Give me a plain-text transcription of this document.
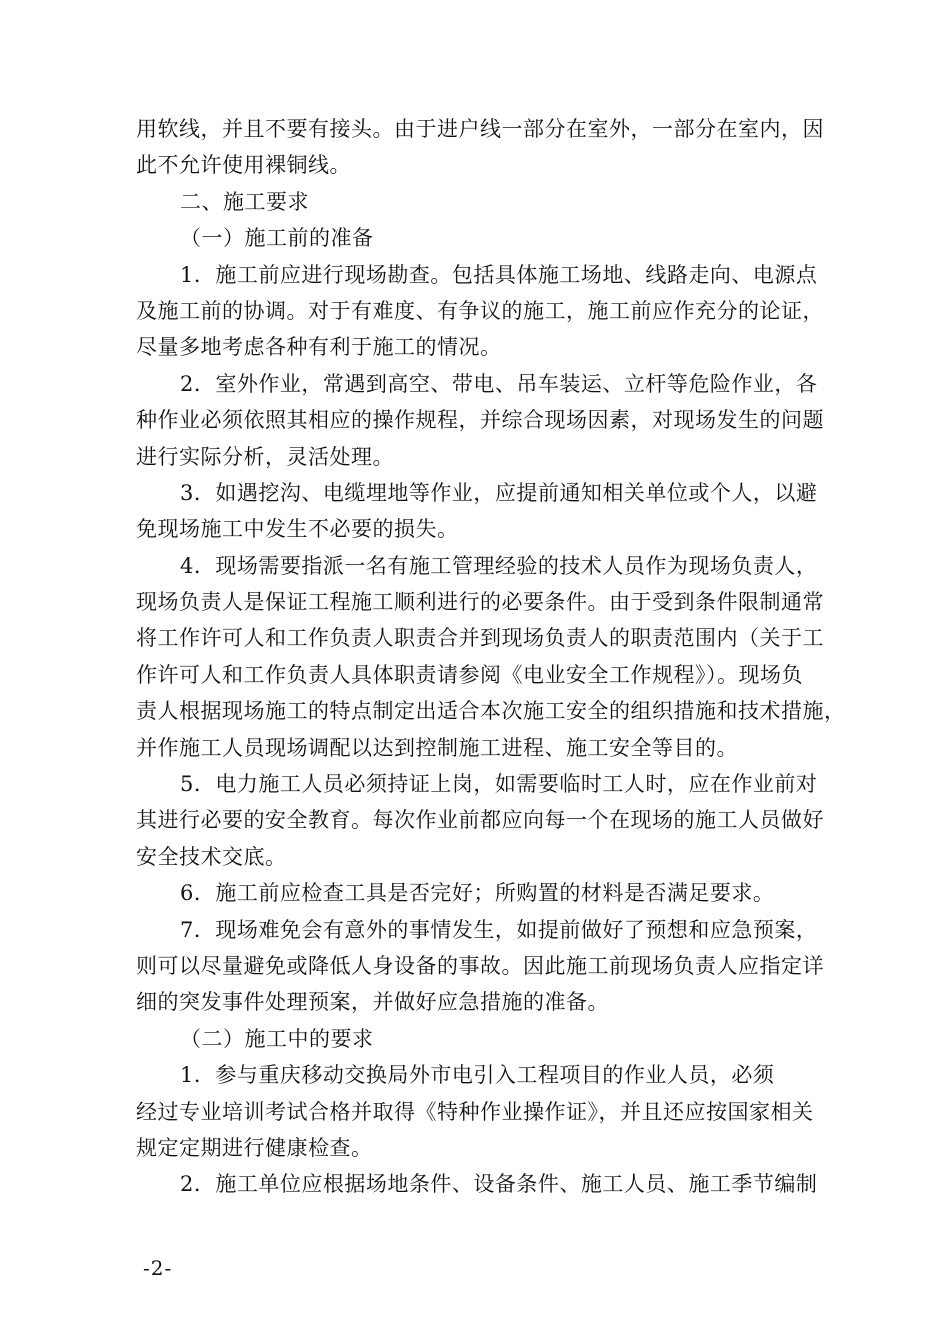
用软线，并且不要有接头。由于进户线一部分在室外，一部分在室内，因
此不允许使用裸铜线。
二、施工要求
（一）施工前的准备
1．施工前应进行现场勘查。包括具体施工场地、线路走向、电源点
及施工前的协调。对于有难度、有争议的施工，施工前应作充分的论证，
尽量多地考虑各种有利于施工的情况。
2．室外作业，常遇到高空、带电、吊车装运、立杆等危险作业，各
种作业必须依照其相应的操作规程，并综合现场因素，对现场发生的问题
进行实际分析，灵活处理。
3．如遇挖沟、电缆埋地等作业，应提前通知相关单位或个人，以避
免现场施工中发生不必要的损失。
4．现场需要指派一名有施工管理经验的技术人员作为现场负责人，
现场负责人是保证工程施工顺利进行的必要条件。由于受到条件限制通常
将工作许可人和工作负责人职责合并到现场负责人的职责范围内（关于工
作许可人和工作负责人具体职责请参阅《电业安全工作规程》）。现场负
责人根据现场施工的特点制定出适合本次施工安全的组织措施和技术措施，
并作施工人员现场调配以达到控制施工进程、施工安全等目的。
5．电力施工人员必须持证上岗，如需要临时工人时，应在作业前对
其进行必要的安全教育。每次作业前都应向每一个在现场的施工人员做好
安全技术交底。
6．施工前应检查工具是否完好；所购置的材料是否满足要求。
7．现场难免会有意外的事情发生，如提前做好了预想和应急预案，
则可以尽量避免或降低人身设备的事故。因此施工前现场负责人应指定详
细的突发事件处理预案，并做好应急措施的准备。
（二）施工中的要求
1．参与重庆移动交换局外市电引入工程项目的作业人员，必须
经过专业培训考试合格并取得《特种作业操作证》，并且还应按国家相关
规定定期进行健康检查。
2．施工单位应根据场地条件、设备条件、施工人员、施工季节编制
-2-
